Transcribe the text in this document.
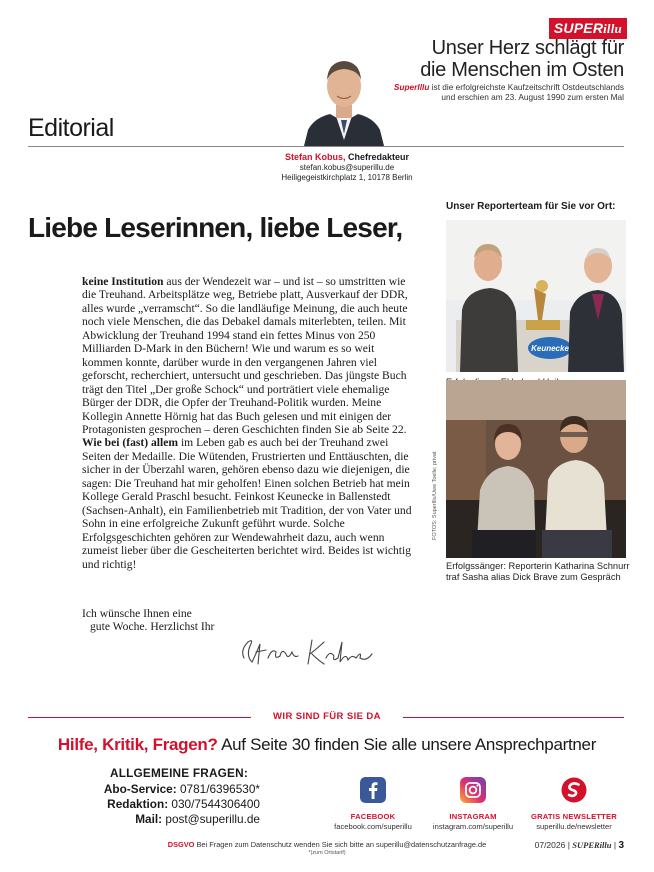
SUPERillu
Unser Herz schlägt für
die Menschen im Osten
SuperIllu ist die erfolgreichste Kaufzeitschrift Ostdeutschlands
und erschien am 23. August 1990 zum ersten Mal
Editorial
Stefan Kobus, Chefredakteur
stefan.kobus@superillu.de
Heiligegeistkirchplatz 1, 10178 Berlin
Liebe Leserinnen, liebe Leser,

keine Institution aus der Wendezeit war – und ist – so umstritten wie die Treuhand. Arbeitsplätze weg, Betriebe platt, Ausverkauf der DDR, alles wurde „verramscht“. So die landläufige Meinung, die auch heute noch viele Menschen, die das Debakel damals miterlebten, teilen. Mit Abwicklung der Treuhand 1994 stand ein fettes Minus von 250 Milliarden D-Mark in den Büchern! Wie und warum es so weit kommen konnte, darüber wurde in den vergangenen Jahren viel geforscht, recherchiert, untersucht und geschrieben. Das jüngste Buch trägt den Titel „Der große Schock“ und porträtiert viele ehemalige Bürger der DDR, die Opfer der Treuhand-Politik wurden. Meine Kollegin Annette Hörnig hat das Buch gelesen und mit einigen der Protagonisten gesprochen – deren Geschichten finden Sie ab Seite 22.

Wie bei (fast) allem im Leben gab es auch bei der Treuhand zwei Seiten der Medaille. Die Wütenden, Frustrierten und Enttäuschten, die sicher in der Überzahl waren, gehören ebenso dazu wie diejenigen, die sagen: Die Treuhand hat mir geholfen! Einen solchen Betrieb hat mein Kollege Gerald Praschl besucht. Feinkost Keunecke in Ballenstedt (Sachsen-Anhalt), ein Familienbetrieb mit Tradition, der von Vater und Sohn in eine erfolgreiche Zukunft geführt wurde. Solche Erfolgsgeschichten gehören zur Wendewahrheit dazu, auch wenn zumeist lieber über die Gescheiterten berichtet wird. Beides ist wichtig und richtig!

Ich wünsche Ihnen eine
gute Woche. Herzlichst Ihr
Unser Reporterteam für Sie vor Ort:
Keunecke
FOTOS: SuperIllu/Uwe Toelle; privat
Erfolgssänger: Reporterin Katharina Schnurr
traf Sasha alias Dick Brave zum Gespräch
WIR SIND FÜR SIE DA
Hilfe, Kritik, Fragen? Auf Seite 30 finden Sie alle unsere Ansprechpartner
ALLGEMEINE FRAGEN:
Abo-Service: 0781/6396530*
Redaktion: 030/7544306400
Mail: post@superillu.de	FACEBOOK
facebook.com/superillu
INSTAGRAM
instagram.com/superillu
GRATIS NEWSLETTER
superillu.de/newsletter
DSGVO Bei Fragen zum Datenschutz wenden Sie sich bitte an superillu@datenschutzanfrage.de
*(zum Ortstarif)
07/2026 | SUPERillu | 3
